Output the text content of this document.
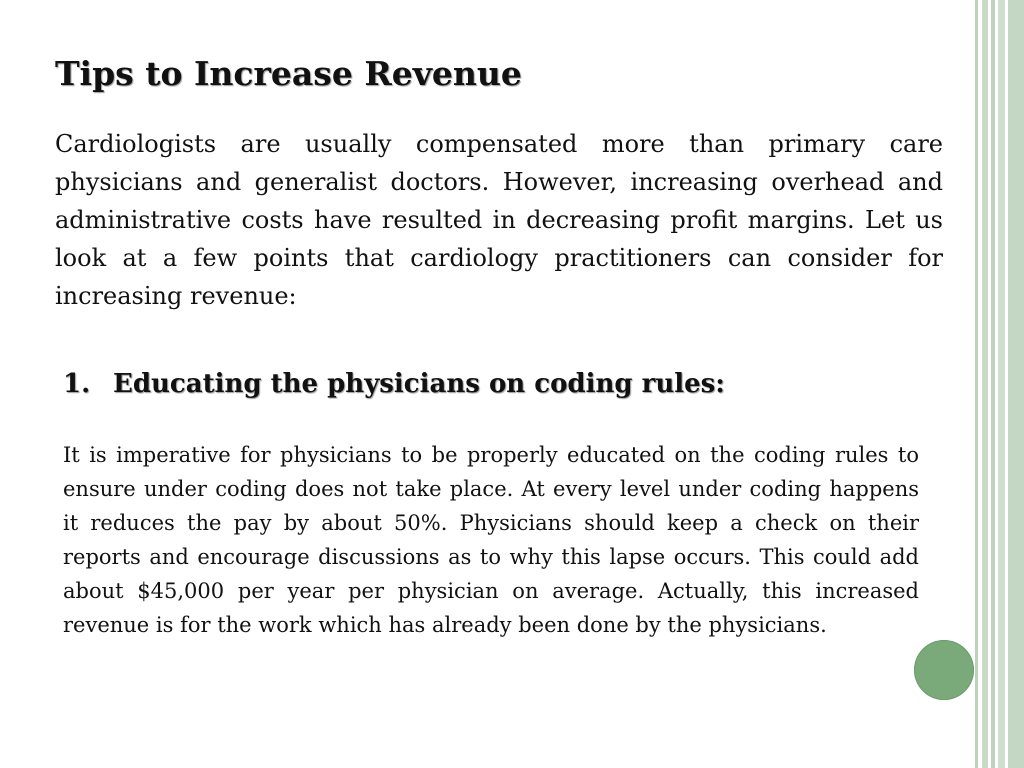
Tips to Increase Revenue

Cardiologists are usually compensated more than primary care physicians and generalist doctors. However, increasing overhead and administrative costs have resulted in decreasing profit margins. Let us look at a few points that cardiology practitioners can consider for increasing revenue:

1. Educating the physicians on coding rules:

It is imperative for physicians to be properly educated on the coding rules to ensure under coding does not take place. At every level under coding happens it reduces the pay by about 50%. Physicians should keep a check on their reports and encourage discussions as to why this lapse occurs. This could add about $45,000 per year per physician on average. Actually, this increased revenue is for the work which has already been done by the physicians.
